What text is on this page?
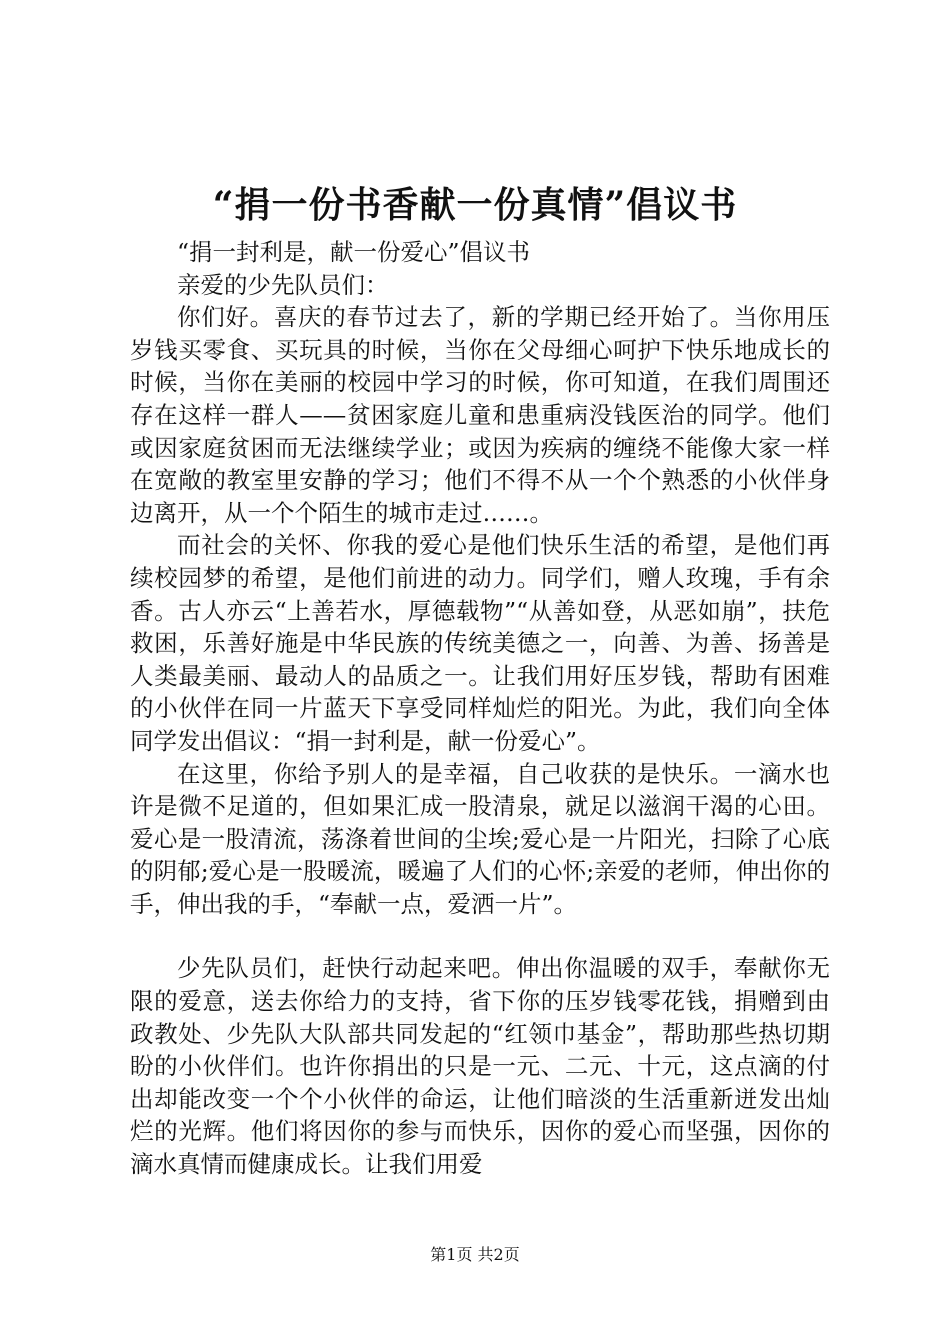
“捐一份书香献一份真情”倡议书

“捐一封利是，献一份爱心”倡议书

亲爱的少先队员们：

你们好。喜庆的春节过去了，新的学期已经开始了。当你用压岁钱买零食、买玩具的时候，当你在父母细心呵护下快乐地成长的时候，当你在美丽的校园中学习的时候，你可知道，在我们周围还存在这样一群人——贫困家庭儿童和患重病没钱医治的同学。他们或因家庭贫困而无法继续学业；或因为疾病的缠绕不能像大家一样在宽敞的教室里安静的学习；他们不得不从一个个熟悉的小伙伴身边离开，从一个个陌生的城市走过……。

而社会的关怀、你我的爱心是他们快乐生活的希望，是他们再续校园梦的希望，是他们前进的动力。同学们，赠人玫瑰，手有余香。古人亦云“上善若水，厚德载物”“从善如登，从恶如崩”，扶危救困，乐善好施是中华民族的传统美德之一，向善、为善、扬善是人类最美丽、最动人的品质之一。让我们用好压岁钱，帮助有困难的小伙伴在同一片蓝天下享受同样灿烂的阳光。为此，我们向全体同学发出倡议：“捐一封利是，献一份爱心”。

在这里，你给予别人的是幸福，自己收获的是快乐。一滴水也许是微不足道的，但如果汇成一股清泉，就足以滋润干渴的心田。爱心是一股清流，荡涤着世间的尘埃;爱心是一片阳光，扫除了心底的阴郁;爱心是一股暖流，暖遍了人们的心怀;亲爱的老师，伸出你的手，伸出我的手，“奉献一点，爱洒一片”。

少先队员们，赶快行动起来吧。伸出你温暖的双手，奉献你无限的爱意，送去你给力的支持，省下你的压岁钱零花钱，捐赠到由政教处、少先队大队部共同发起的“红领巾基金”，帮助那些热切期盼的小伙伴们。也许你捐出的只是一元、二元、十元，这点滴的付出却能改变一个个小伙伴的命运，让他们暗淡的生活重新迸发出灿烂的光辉。他们将因你的参与而快乐，因你的爱心而坚强，因你的滴水真情而健康成长。让我们用爱

第1页 共2页
